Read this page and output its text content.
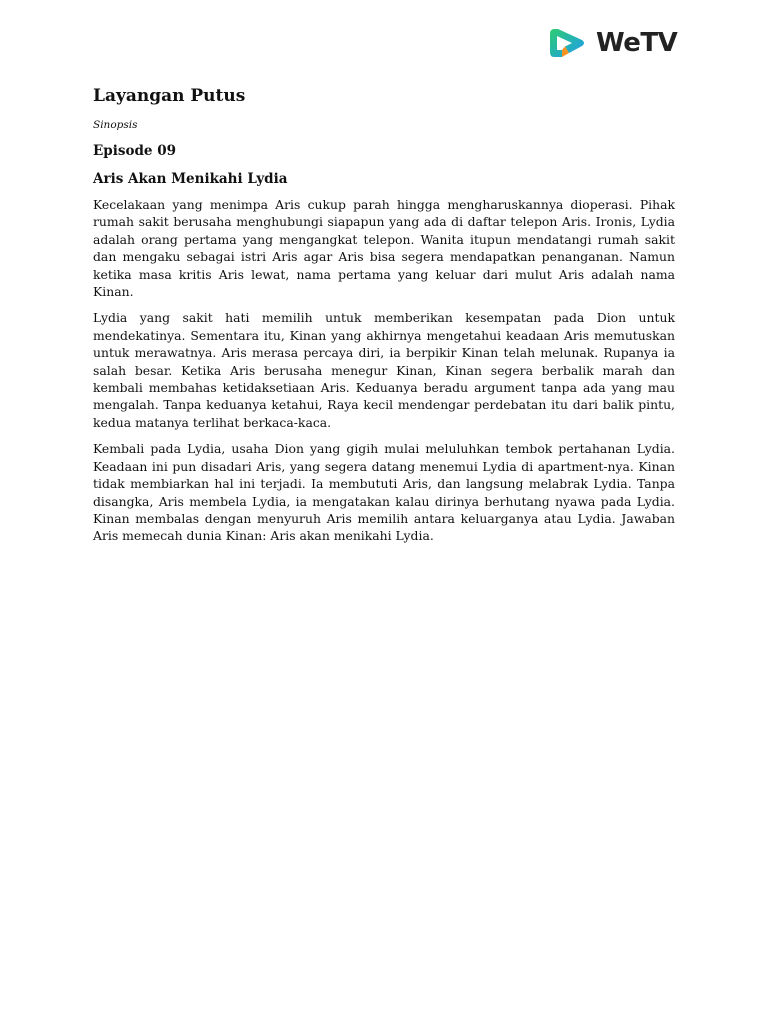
WeTV
Layangan Putus
Sinopsis
Episode 09
Aris Akan Menikahi Lydia

Kecelakaan yang menimpa Aris cukup parah hingga mengharuskannya dioperasi. Pihak rumah sakit berusaha menghubungi siapapun yang ada di daftar telepon Aris. Ironis, Lydia adalah orang pertama yang mengangkat telepon. Wanita itupun mendatangi rumah sakit dan mengaku sebagai istri Aris agar Aris bisa segera mendapatkan penanganan. Namun ketika masa kritis Aris lewat, nama pertama yang keluar dari mulut Aris adalah nama Kinan.

Lydia yang sakit hati memilih untuk memberikan kesempatan pada Dion untuk mendekatinya. Sementara itu, Kinan yang akhirnya mengetahui keadaan Aris memutuskan untuk merawatnya. Aris merasa percaya diri, ia berpikir Kinan telah melunak. Rupanya ia salah besar. Ketika Aris berusaha menegur Kinan, Kinan segera berbalik marah dan kembali membahas ketidaksetiaan Aris. Keduanya beradu argument tanpa ada yang mau mengalah. Tanpa keduanya ketahui, Raya kecil mendengar perdebatan itu dari balik pintu, kedua matanya terlihat berkaca-kaca.

Kembali pada Lydia, usaha Dion yang gigih mulai meluluhkan tembok pertahanan Lydia. Keadaan ini pun disadari Aris, yang segera datang menemui Lydia di apartment-nya. Kinan tidak membiarkan hal ini terjadi. Ia membututi Aris, dan langsung melabrak Lydia. Tanpa disangka, Aris membela Lydia, ia mengatakan kalau dirinya berhutang nyawa pada Lydia. Kinan membalas dengan menyuruh Aris memilih antara keluarganya atau Lydia. Jawaban Aris memecah dunia Kinan: Aris akan menikahi Lydia.
